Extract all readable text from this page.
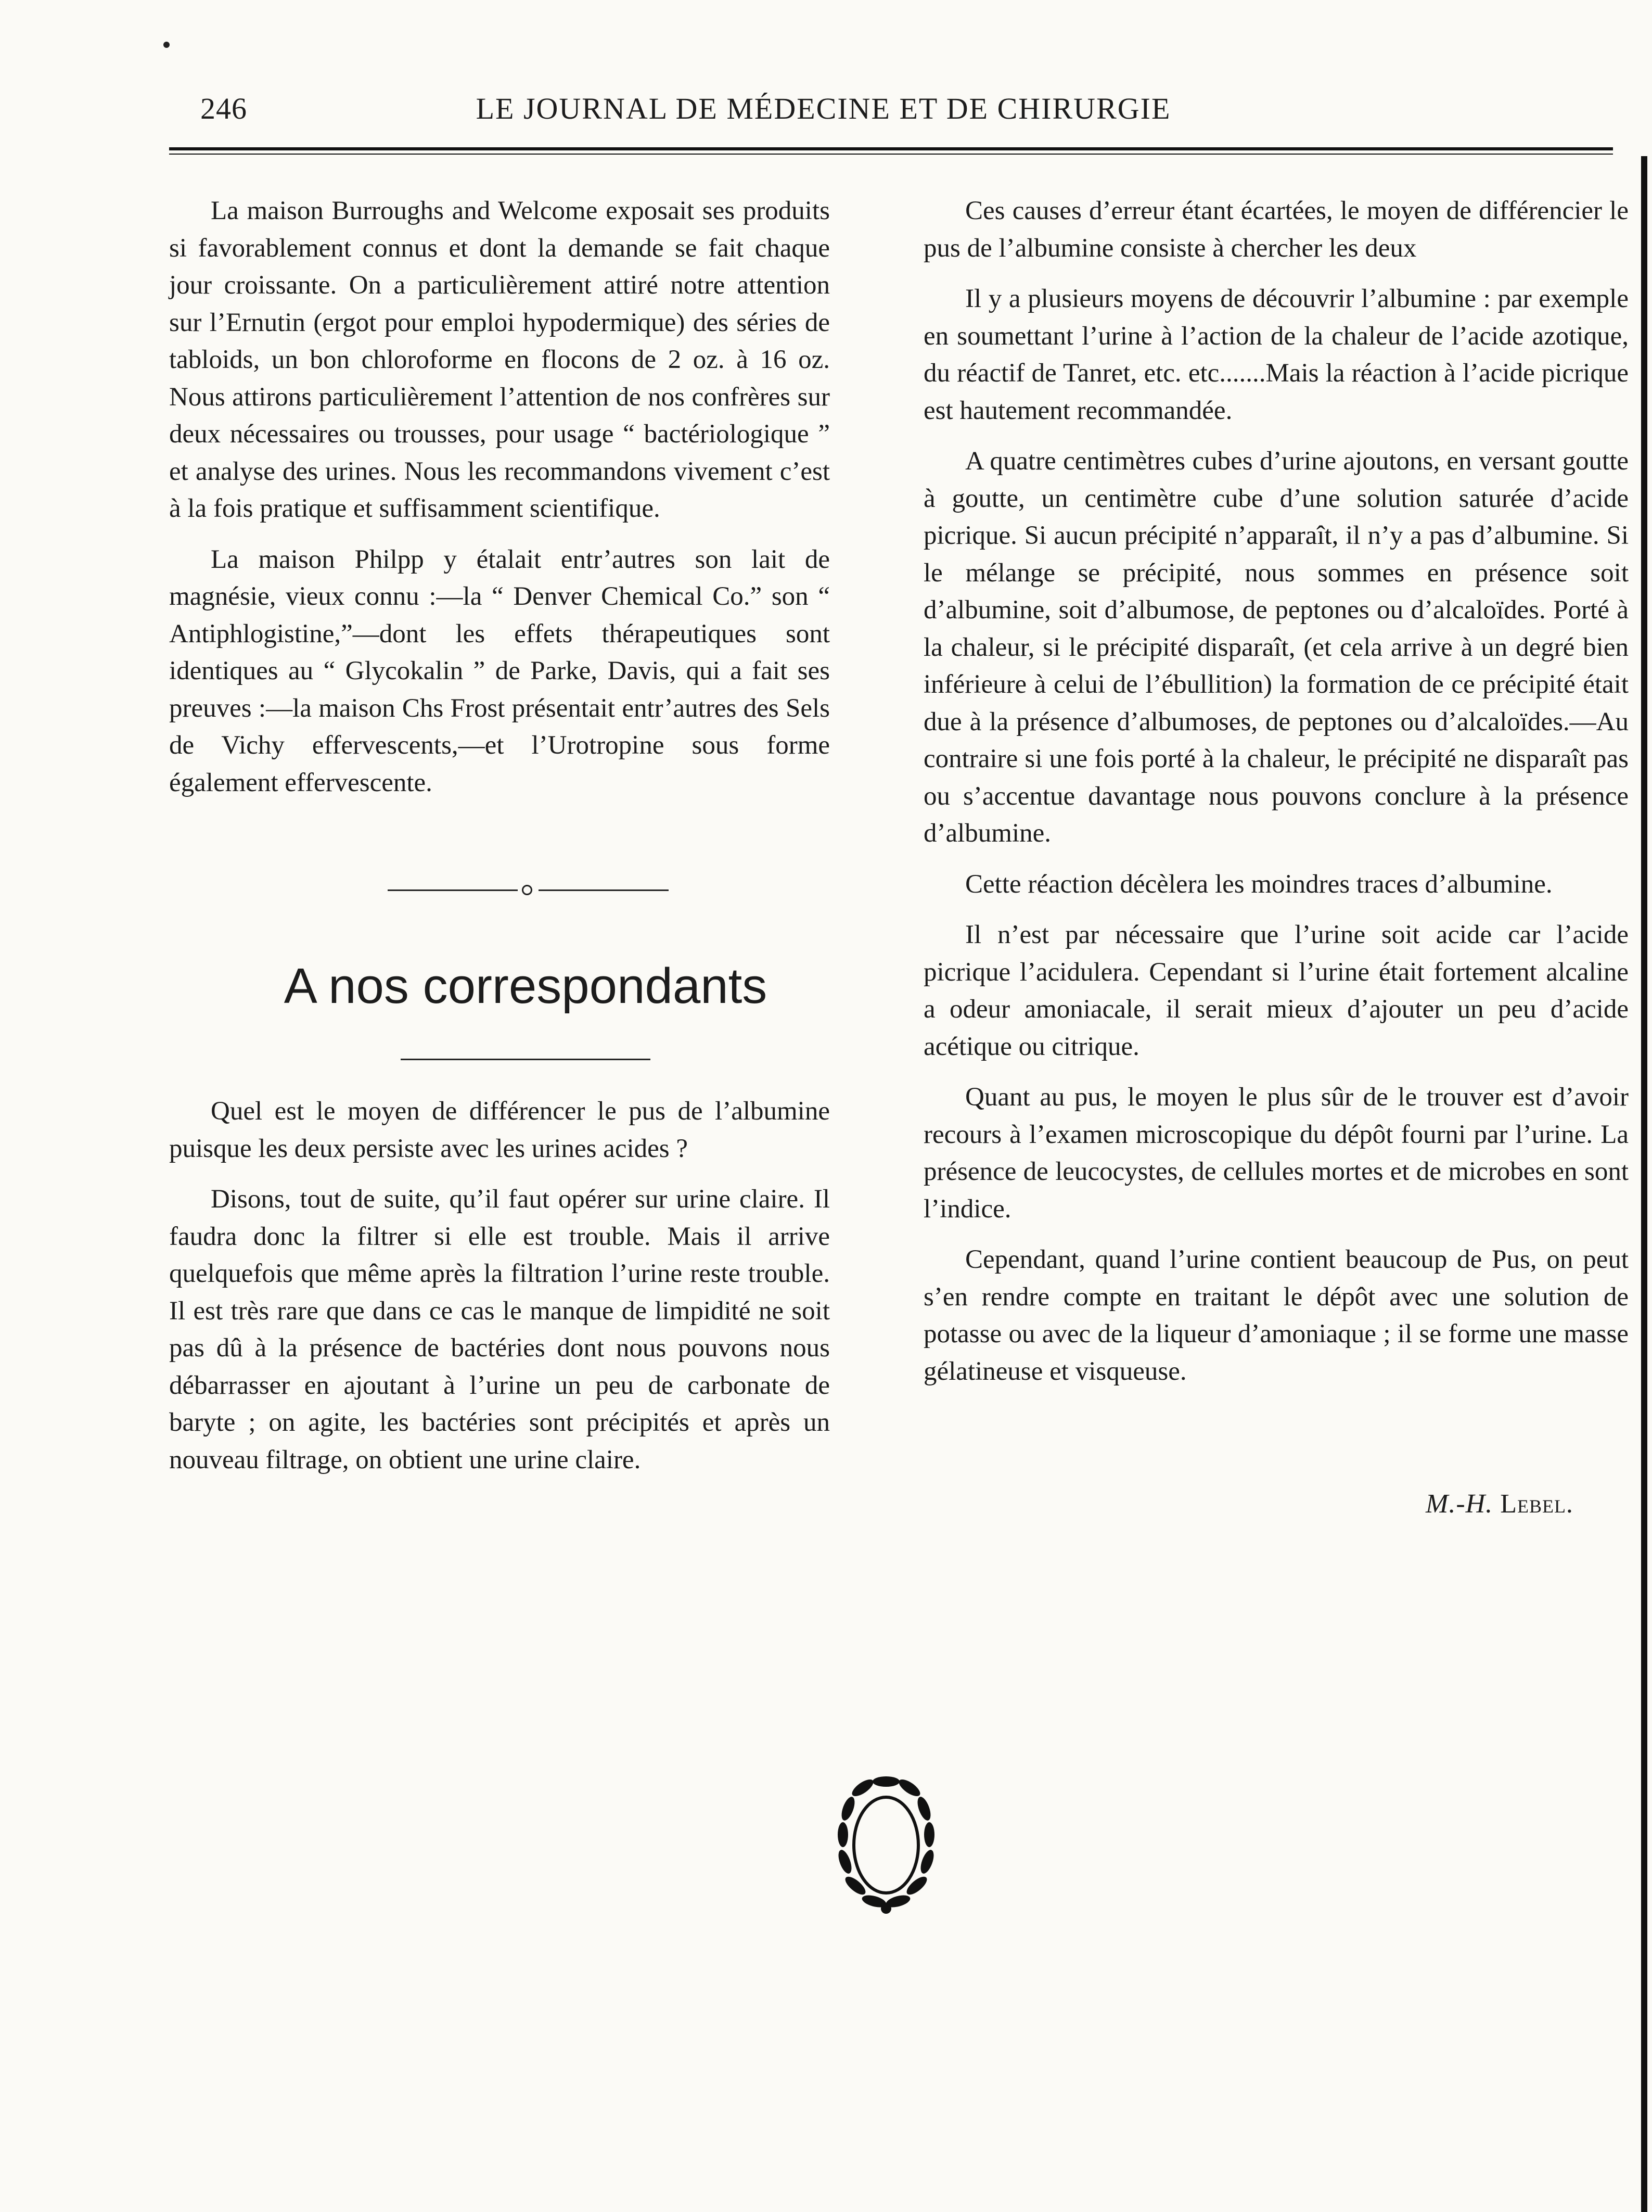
246	LE JOURNAL DE MÉDECINE ET DE CHIRURGIE

La maison Burroughs and Welcome exposait ses produits si favorablement connus et dont la demande se fait chaque jour croissante. On a particulièrement attiré notre attention sur l’Ernutin (ergot pour emploi hypodermique) des séries de tabloids, un bon chloroforme en flocons de 2 oz. à 16 oz. Nous attirons particulièrement l’attention de nos confrères sur deux nécessaires ou trousses, pour usage “ bactériologique ” et analyse des urines. Nous les recommandons vivement c’est à la fois pratique et suffisamment scientifique.

La maison Philpp y étalait entr’autres son lait de magnésie, vieux connu :—la “ Denver Chemical Co.” son “ Antiphlogistine,”—dont les effets thérapeutiques sont identiques au “ Glycokalin ” de Parke, Davis, qui a fait ses preuves :—la maison Chs Frost présentait entr’autres des Sels de Vichy effervescents,—et l’Urotropine sous forme également effervescente.

A nos correspondants

Quel est le moyen de différencer le pus de l’albumine puisque les deux persiste avec les urines acides ?

Disons, tout de suite, qu’il faut opérer sur urine claire. Il faudra donc la filtrer si elle est trouble. Mais il arrive quelquefois que même après la filtration l’urine reste trouble. Il est très rare que dans ce cas le manque de limpidité ne soit pas dû à la présence de bactéries dont nous pouvons nous débarrasser en ajoutant à l’urine un peu de carbonate de baryte ; on agite, les bactéries sont précipités et après un nouveau filtrage, on obtient une urine claire.

Ces causes d’erreur étant écartées, le moyen de différencier le pus de l’albumine consiste à chercher les deux

Il y a plusieurs moyens de découvrir l’albumine : par exemple en soumettant l’urine à l’action de la chaleur de l’acide azotique, du réactif de Tanret, etc. etc.......Mais la réaction à l’acide picrique est hautement recommandée.

A quatre centimètres cubes d’urine ajoutons, en versant goutte à goutte, un centimètre cube d’une solution saturée d’acide picrique. Si aucun précipité n’apparaît, il n’y a pas d’albumine. Si le mélange se précipité, nous sommes en présence soit d’albumine, soit d’albumose, de peptones ou d’alcaloïdes. Porté à la chaleur, si le précipité disparaît, (et cela arrive à un degré bien inférieure à celui de l’ébullition) la formation de ce précipité était due à la présence d’albumoses, de peptones ou d’alcaloïdes.—Au contraire si une fois porté à la chaleur, le précipité ne disparaît pas ou s’accentue davantage nous pouvons conclure à la présence d’albumine.

Cette réaction décèlera les moindres traces d’albumine.

Il n’est par nécessaire que l’urine soit acide car l’acide picrique l’acidulera. Cependant si l’urine était fortement alcaline a odeur amoniacale, il serait mieux d’ajouter un peu d’acide acétique ou citrique.

Quant au pus, le moyen le plus sûr de le trouver est d’avoir recours à l’examen microscopique du dépôt fourni par l’urine. La présence de leucocystes, de cellules mortes et de microbes en sont l’indice.

Cependant, quand l’urine contient beaucoup de Pus, on peut s’en rendre compte en traitant le dépôt avec une solution de potasse ou avec de la liqueur d’amoniaque ; il se forme une masse gélatineuse et visqueuse.

M.-H. Lebel.
